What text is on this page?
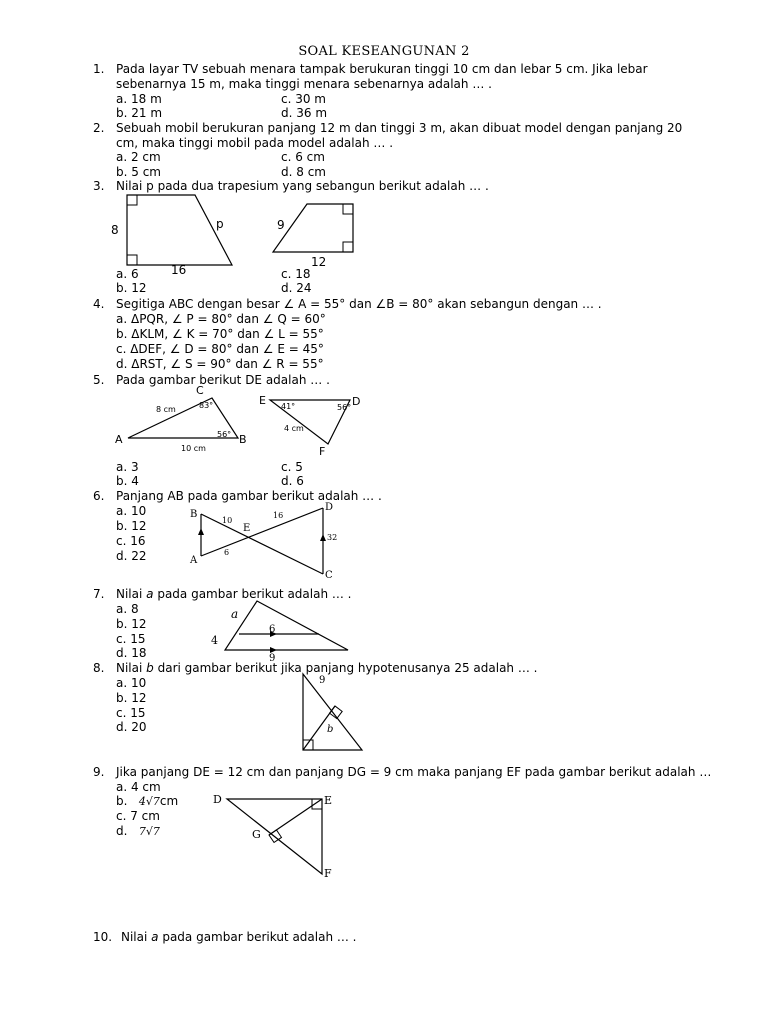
SOAL KESEANGUNAN 2
1. Pada layar TV sebuah menara tampak berukuran tinggi 10 cm dan lebar 5 cm. Jika lebar
sebenarnya 15 m, maka tinggi menara sebenarnya adalah … .
a. 18 m	c. 30 m
b. 21 m	d. 36 m
2. Sebuah mobil berukuran panjang 12 m dan tinggi 3 m, akan dibuat model dengan panjang 20
cm, maka tinggi mobil pada model adalah … .
a. 2 cm	c. 6 cm
b. 5 cm	d. 8 cm
3. Nilai p pada dua trapesium yang sebangun berikut adalah … .
8	p
16
9
12
a. 6	c. 18
b. 12	d. 24
4. Segitiga ABC dengan besar ∠ A = 55° dan ∠B = 80° akan sebangun dengan … .
a. ΔPQR, ∠ P = 80° dan ∠ Q = 60°
b. ΔKLM, ∠ K = 70° dan ∠ L = 55°
c. ΔDEF, ∠ D = 80° dan ∠ E = 45°
d. ΔRST, ∠ S = 90° dan ∠ R = 55°
5. Pada gambar berikut DE adalah … .
C
A	B
8 cm	83°
56°
10 cm
E	D
F
41°	56°
4 cm
a. 3	c. 5
b. 4	d. 6
6. Panjang AB pada gambar berikut adalah … .
a. 10
b. 12
c. 16
d. 22
B
A
E
D
C
10
16
6
32
7. Nilai a pada gambar berikut adalah … .
a. 8
b. 12
c. 15
d. 18
a
4
6
9
8. Nilai b dari gambar berikut jika panjang hypotenusanya 25 adalah … .
a. 10
b. 12
c. 15
d. 20
9
b
9. Jika panjang DE = 12 cm dan panjang DG = 9 cm maka panjang EF pada gambar berikut adalah …
a. 4 cm
b. 4√7cm
c. 7 cm
d. 7√7
D	E
G
F
10. Nilai a pada gambar berikut adalah … .
